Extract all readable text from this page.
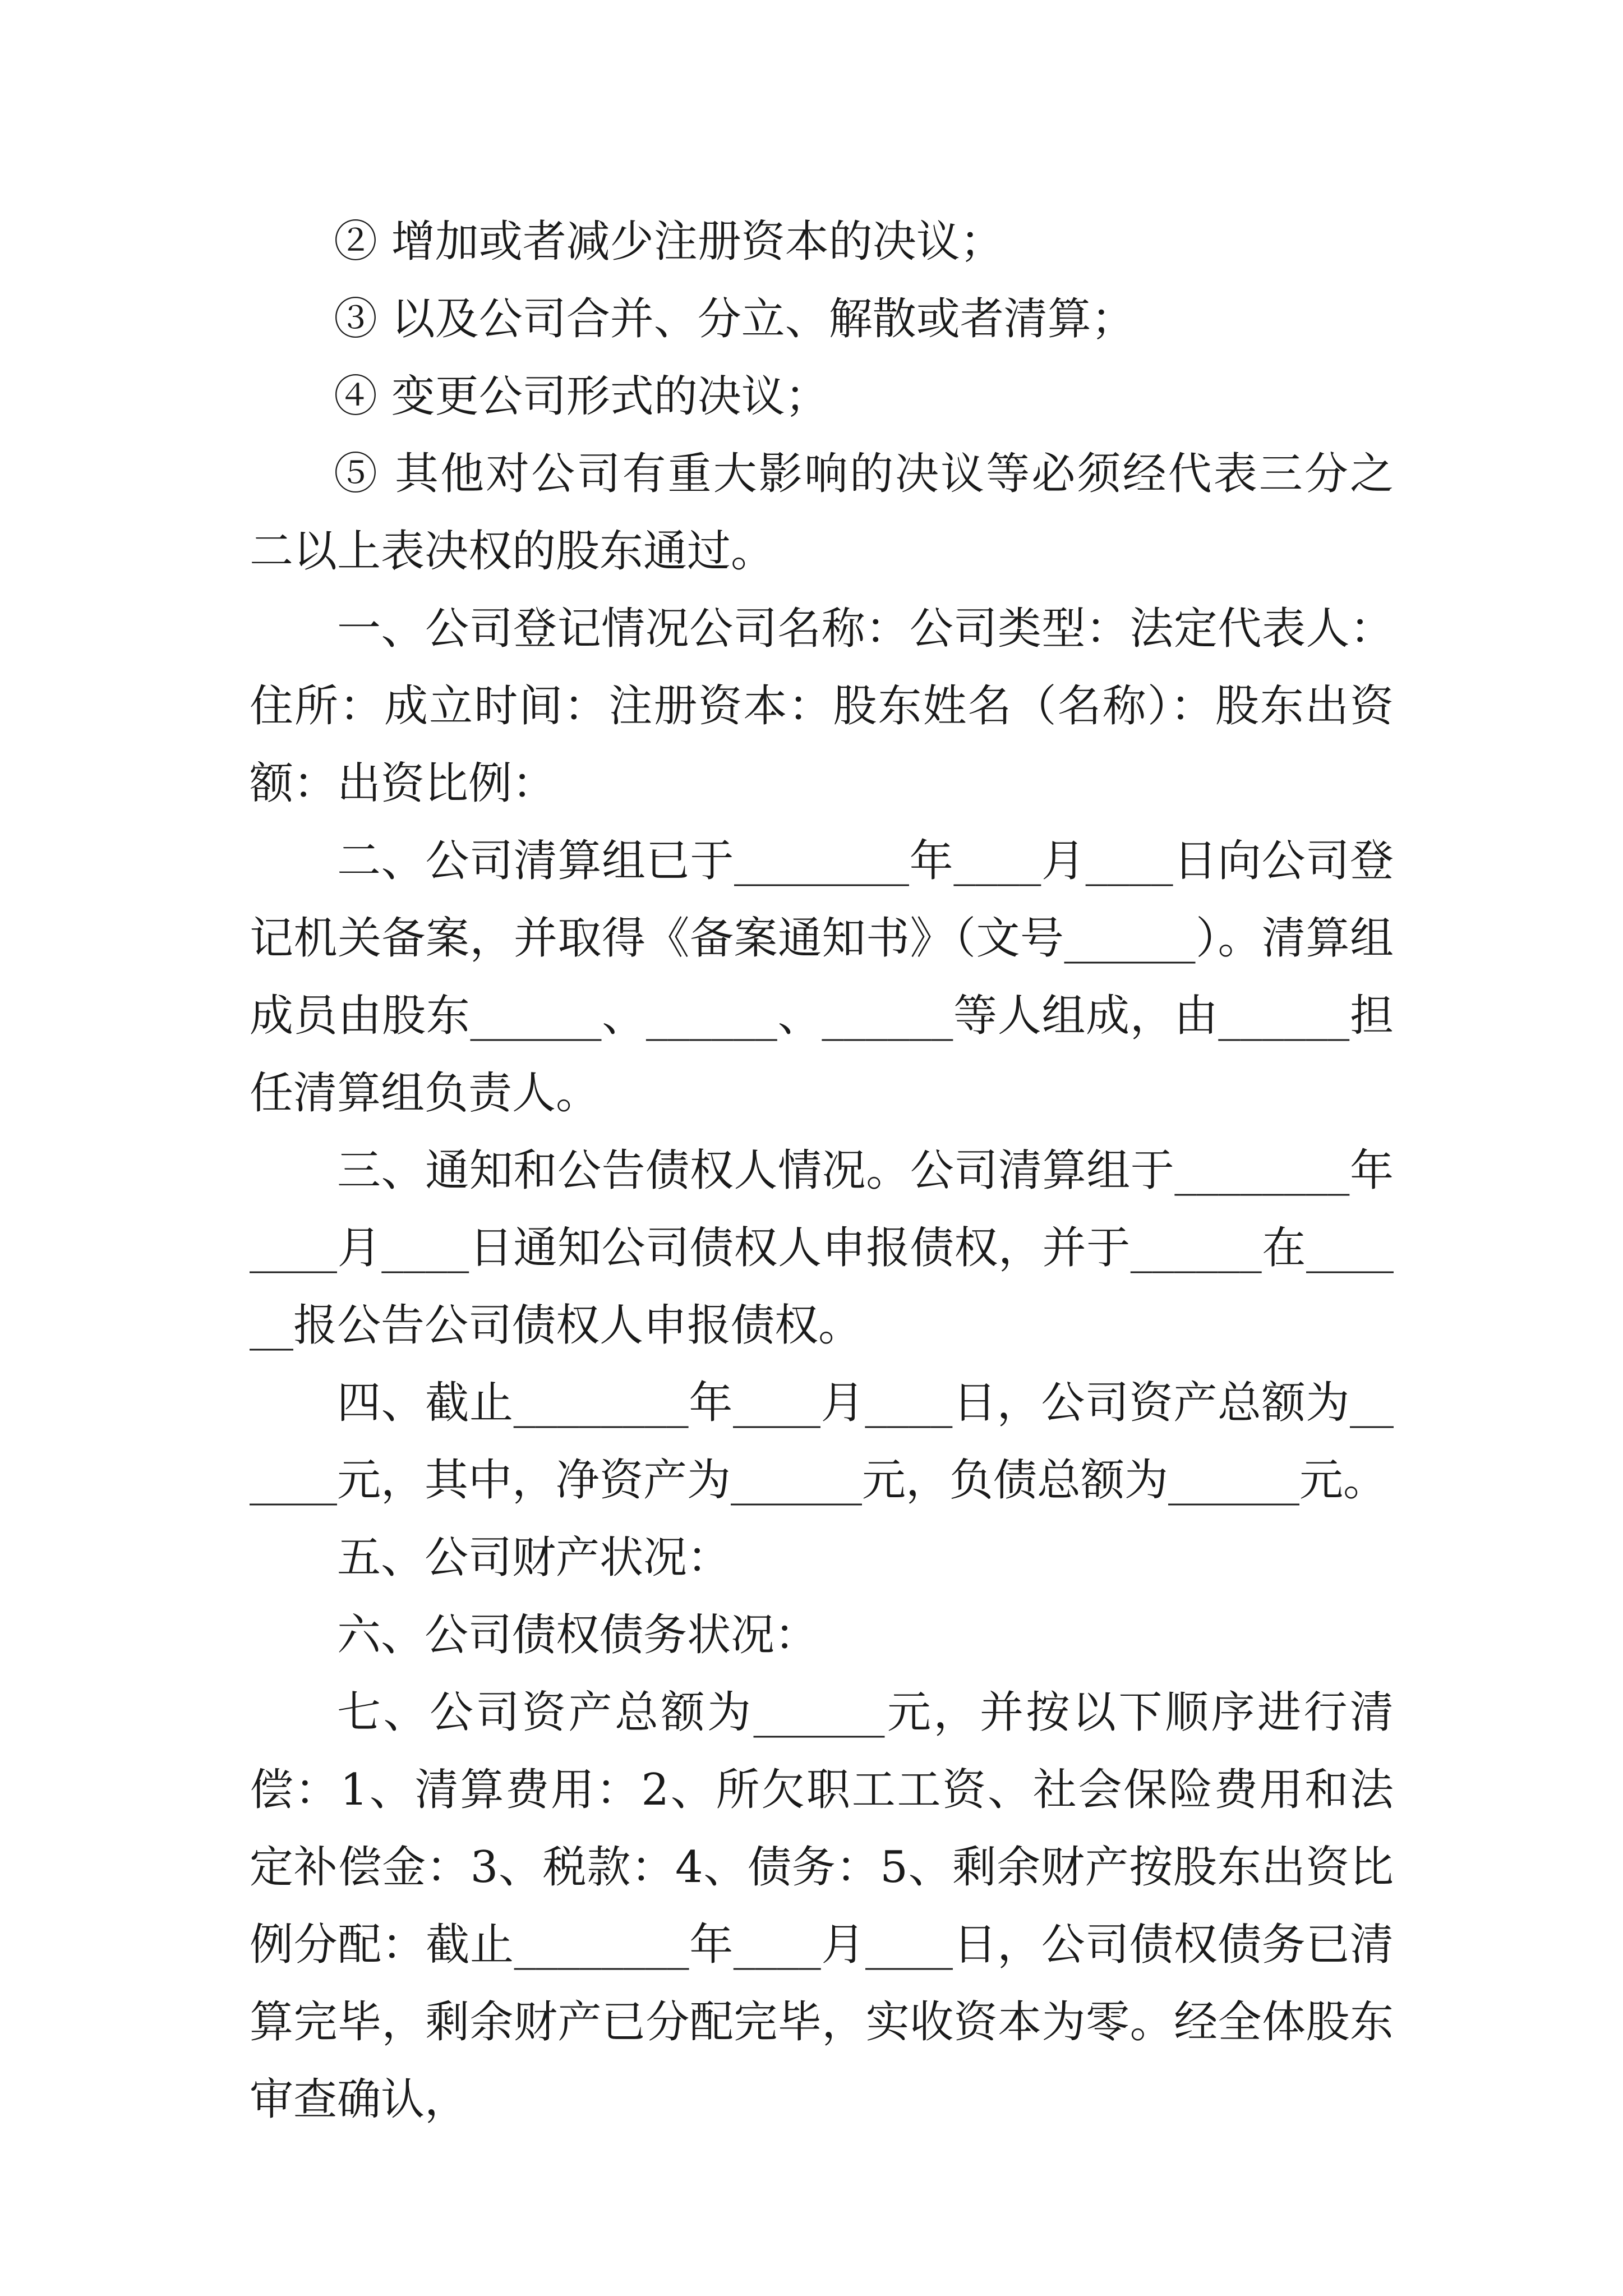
② 增加或者减少注册资本的决议；

③ 以及公司合并、分立、解散或者清算；

④ 变更公司形式的决议；

⑤ 其他对公司有重大影响的决议等必须经代表三分之二以上表决权的股东通过。

一、公司登记情况公司名称：公司类型：法定代表人：住所：成立时间：注册资本：股东姓名（名称）：股东出资额：出资比例：

二、公司清算组已于________年____月____日向公司登记机关备案，并取得《备案通知书》（文号______）。清算组成员由股东______、______、______等人组成，由______担任清算组负责人。

三、通知和公告债权人情况。公司清算组于________年____月____日通知公司债权人申报债权，并于______在______报公告公司债权人申报债权。

四、截止________年____月____日，公司资产总额为______元，其中，净资产为______元，负债总额为______元。

五、公司财产状况：

六、公司债权债务状况：

七、公司资产总额为______元，并按以下顺序进行清偿：1、清算费用：2、所欠职工工资、社会保险费用和法定补偿金：3、税款：4、债务：5、剩余财产按股东出资比例分配：截止________年____月____日，公司债权债务已清算完毕，剩余财产已分配完毕，实收资本为零。经全体股东审查确认，
